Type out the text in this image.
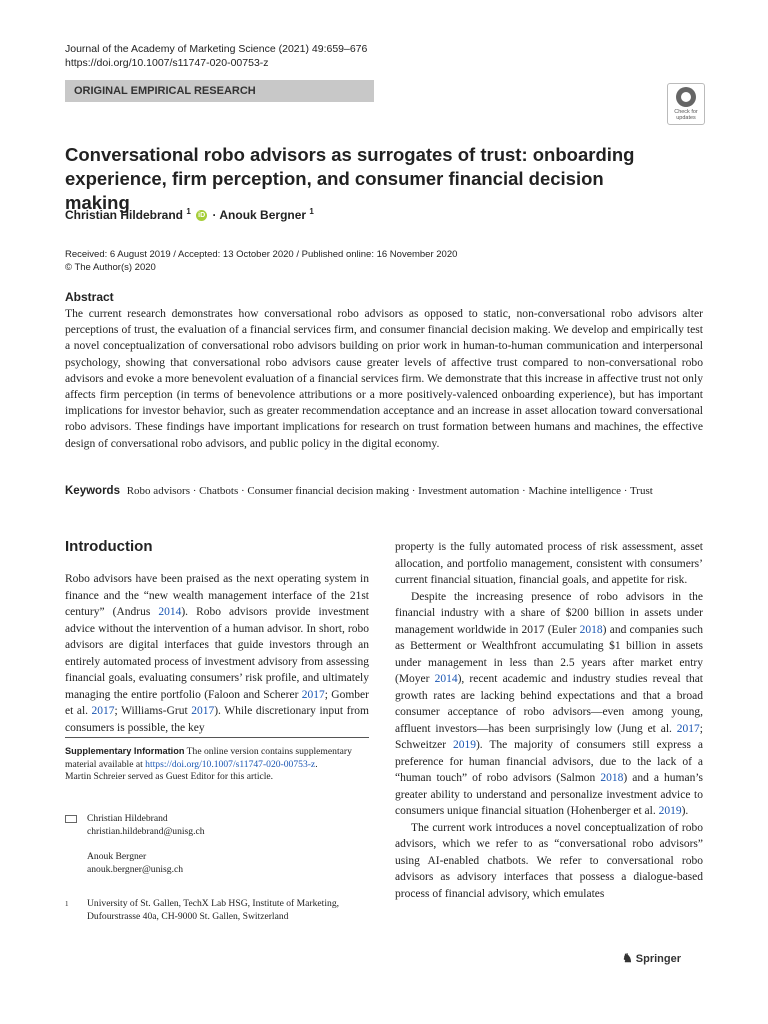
Journal of the Academy of Marketing Science (2021) 49:659–676
https://doi.org/10.1007/s11747-020-00753-z
ORIGINAL EMPIRICAL RESEARCH
Check for updates
Conversational robo advisors as surrogates of trust: onboarding experience, firm perception, and consumer financial decision making
Christian Hildebrand $^1$ iD · Anouk Bergner $^1$
Received: 6 August 2019 / Accepted: 13 October 2020 / Published online: 16 November 2020
© The Author(s) 2020
Abstract
The current research demonstrates how conversational robo advisors as opposed to static, non-conversational robo advisors alter perceptions of trust, the evaluation of a financial services firm, and consumer financial decision making. We develop and empirically test a novel conceptualization of conversational robo advisors building on prior work in human-to-human communication and interpersonal psychology, showing that conversational robo advisors cause greater levels of affective trust compared to non-conversational robo advisors and evoke a more benevolent evaluation of a financial services firm. We demonstrate that this increase in affective trust not only affects firm perception (in terms of benevolence attributions or a more positively-valenced onboarding experience), but has important implications for investor behavior, such as greater recommendation acceptance and an increase in asset allocation toward conversational robo advisors. These findings have important implications for research on trust formation between humans and machines, the effective design of conversational robo advisors, and public policy in the digital economy.
Keywords Robo advisors · Chatbots · Consumer financial decision making · Investment automation · Machine intelligence · Trust
Introduction
Robo advisors have been praised as the next operating system in finance and the “new wealth management interface of the 21st century” (Andrus 2014). Robo advisors provide investment advice without the intervention of a human advisor. In short, robo advisors are digital interfaces that guide investors through an entirely automated process of investment advisory from assessing financial goals, evaluating consumers’ risk profile, and ultimately managing the entire portfolio (Faloon and Scherer 2017; Gomber et al. 2017; Williams-Grut 2017). While discretionary input from consumers is possible, the key
Supplementary Information The online version contains supplementary material available at https://doi.org/10.1007/s11747-020-00753-z.
Martin Schreier served as Guest Editor for this article.
Christian Hildebrand
christian.hildebrand@unisg.ch
Anouk Bergner
anouk.bergner@unisg.ch
1 University of St. Gallen, TechX Lab HSG, Institute of Marketing,
Dufourstrasse 40a, CH-9000 St. Gallen, Switzerland

property is the fully automated process of risk assessment, asset allocation, and portfolio management, consistent with consumers’ current financial situation, financial goals, and appetite for risk.

Despite the increasing presence of robo advisors in the financial industry with a share of $200 billion in assets under management worldwide in 2017 (Euler 2018) and companies such as Betterment or Wealthfront accumulating $1 billion in assets under management in less than 2.5 years after market entry (Moyer 2014), recent academic and industry studies reveal that growth rates are lacking behind expectations and that a broad consumer acceptance of robo advisors—even among young, affluent investors—has been surprisingly low (Jung et al. 2017; Schweitzer 2019). The majority of consumers still express a preference for human financial advisors, due to the lack of a “human touch” of robo advisors (Salmon 2018) and a human’s greater ability to understand and personalize investment advice to consumers unique financial situation (Hohenberger et al. 2019).

The current work introduces a novel conceptualization of robo advisors, which we refer to as “conversational robo advisors” using AI-enabled chatbots. We refer to conversational robo advisors as advisory interfaces that possess a dialogue-based process of financial advisory, which emulates

♞ Springer
